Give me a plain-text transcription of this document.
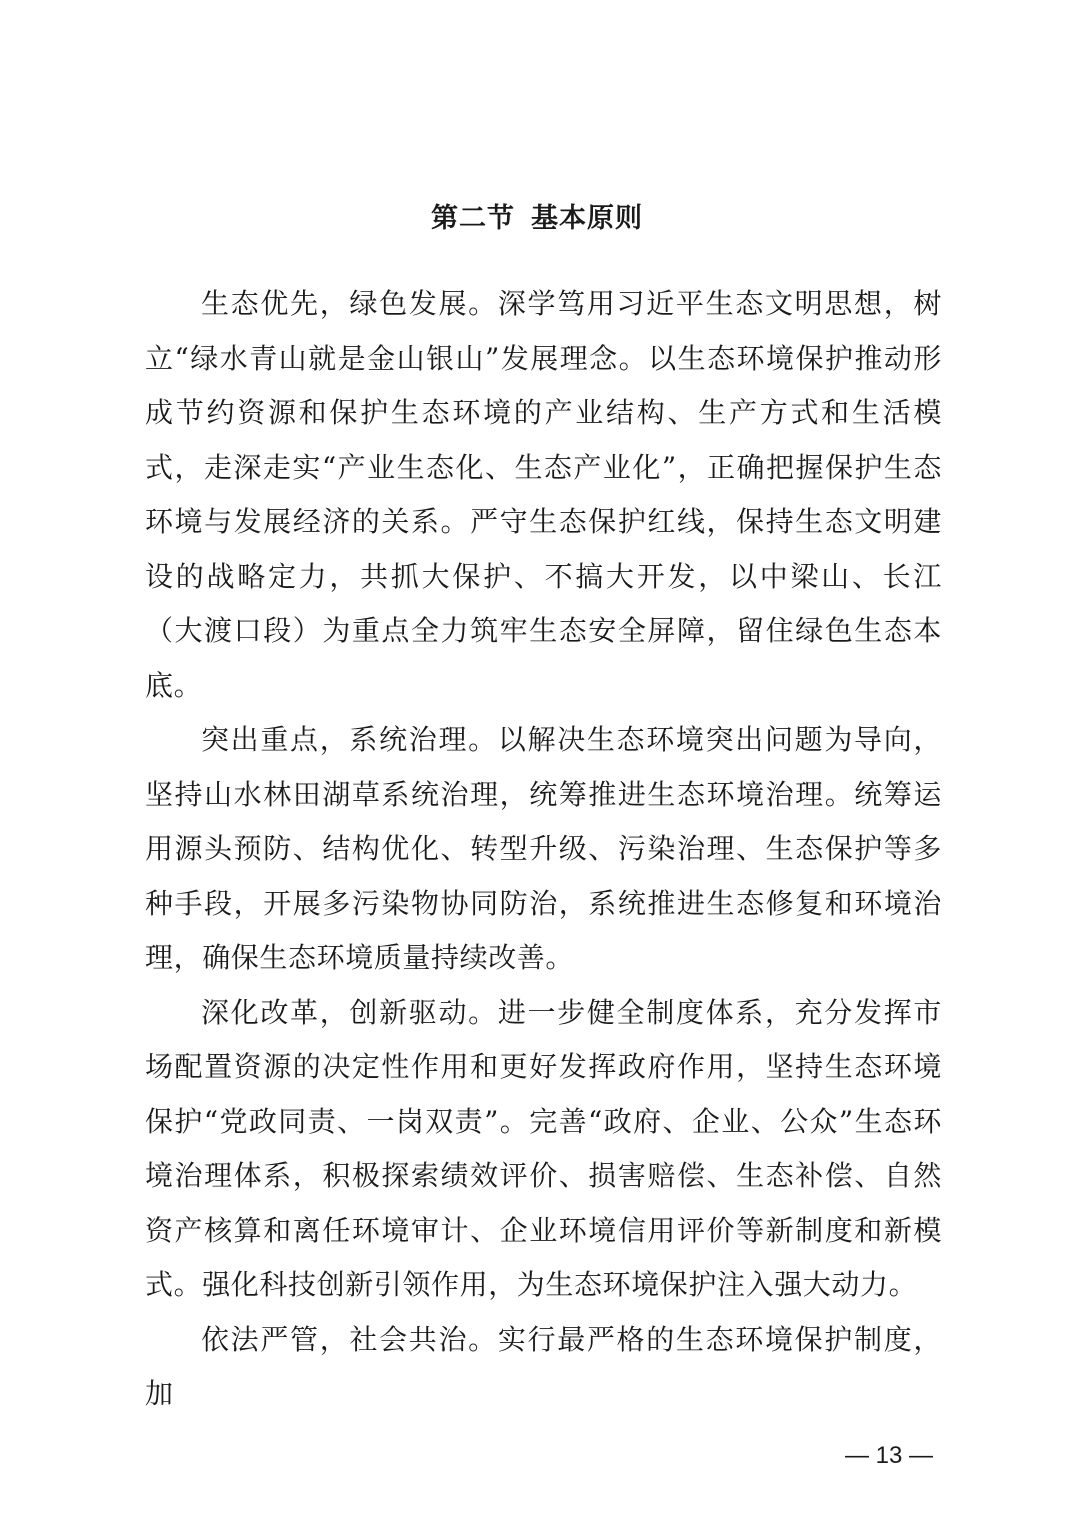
第二节 基本原则

生态优先，绿色发展。深学笃用习近平生态文明思想，树立“绿水青山就是金山银山”发展理念。以生态环境保护推动形成节约资源和保护生态环境的产业结构、生产方式和生活模式，走深走实“产业生态化、生态产业化”，正确把握保护生态环境与发展经济的关系。严守生态保护红线，保持生态文明建设的战略定力，共抓大保护、不搞大开发，以中梁山、长江（大渡口段）为重点全力筑牢生态安全屏障，留住绿色生态本底。

突出重点，系统治理。以解决生态环境突出问题为导向，坚持山水林田湖草系统治理，统筹推进生态环境治理。统筹运用源头预防、结构优化、转型升级、污染治理、生态保护等多种手段，开展多污染物协同防治，系统推进生态修复和环境治理，确保生态环境质量持续改善。

深化改革，创新驱动。进一步健全制度体系，充分发挥市场配置资源的决定性作用和更好发挥政府作用，坚持生态环境保护“党政同责、一岗双责”。完善“政府、企业、公众”生态环境治理体系，积极探索绩效评价、损害赔偿、生态补偿、自然资产核算和离任环境审计、企业环境信用评价等新制度和新模式。强化科技创新引领作用，为生态环境保护注入强大动力。

依法严管，社会共治。实行最严格的生态环境保护制度，加

— 13 —
